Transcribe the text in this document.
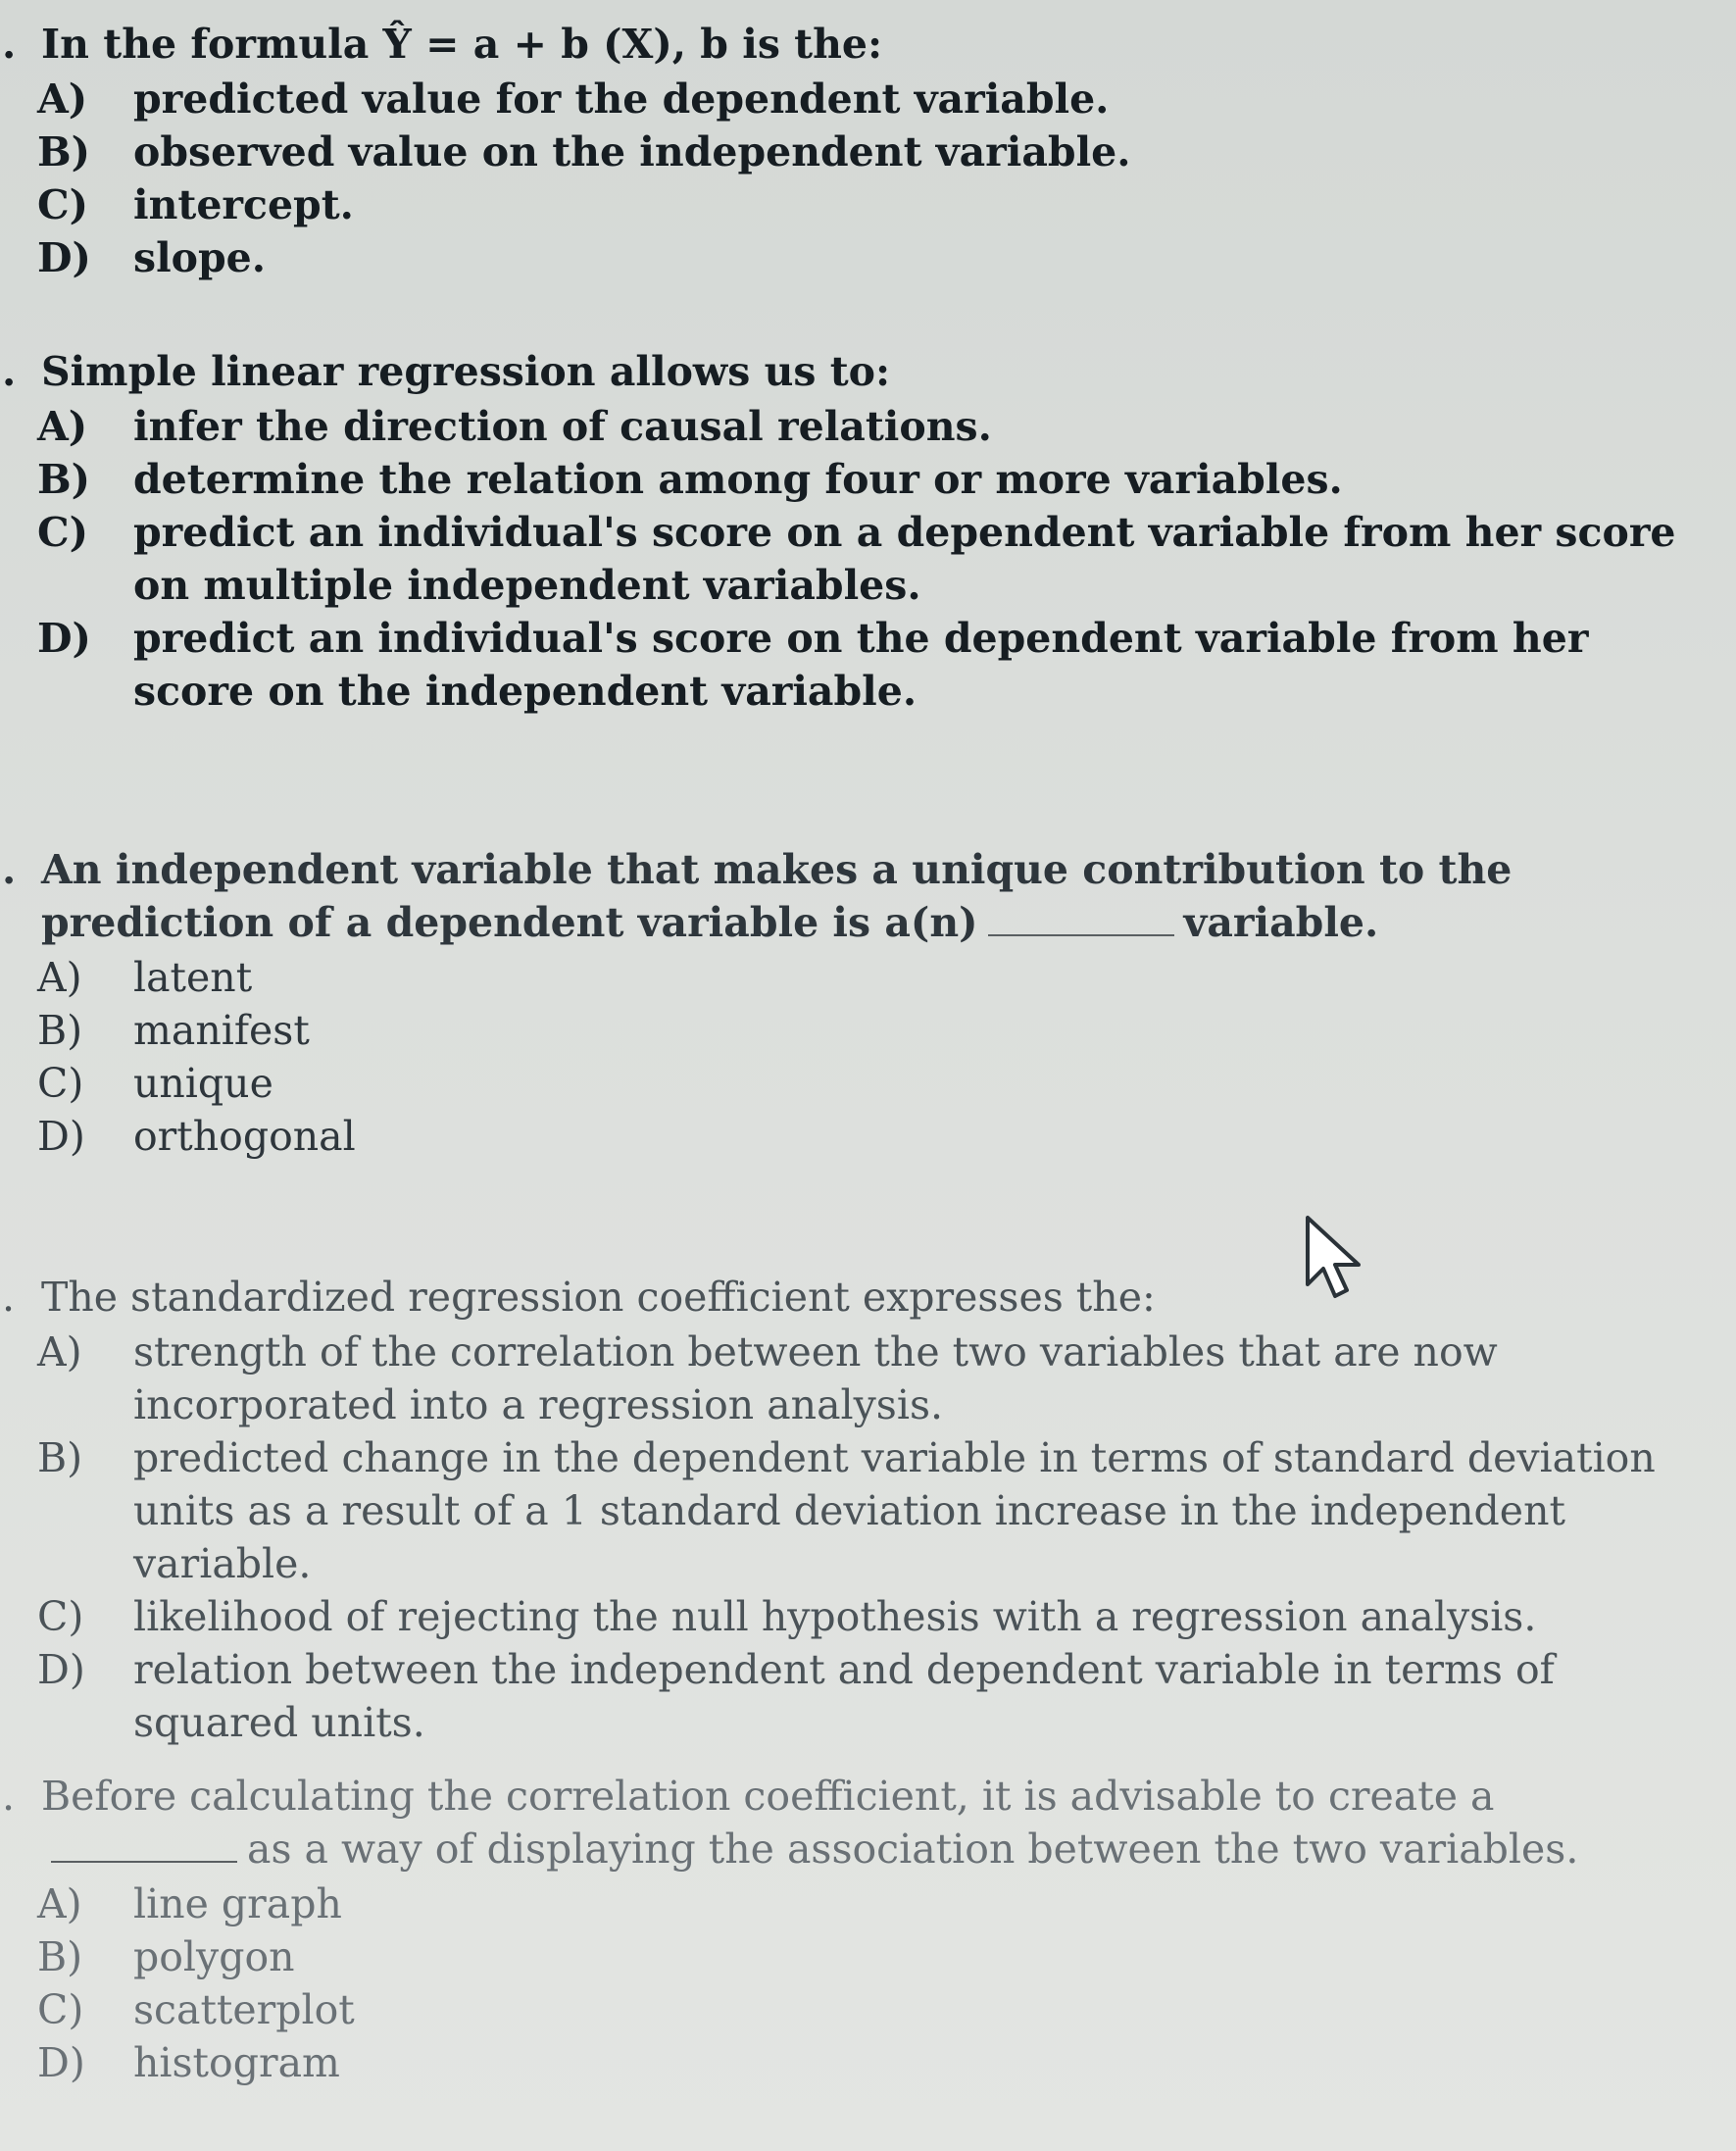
. In the formula Ŷ = a + b (X), b is the:

A) predicted value for the dependent variable.
B) observed value on the independent variable.
C) intercept.
D) slope.

. Simple linear regression allows us to:

A) infer the direction of causal relations.
B) determine the relation among four or more variables.
C) predict an individual's score on a dependent variable from her score on multiple independent variables.
D) predict an individual's score on the dependent variable from her score on the independent variable.

. An independent variable that makes a unique contribution to the prediction of a dependent variable is a(n)	variable.

A) latent
B) manifest
C) unique
D) orthogonal

. The standardized regression coefficient expresses the:

A) strength of the correlation between the two variables that are now incorporated into a regression analysis.
B) predicted change in the dependent variable in terms of standard deviation units as a result of a 1 standard deviation increase in the independent variable.
C) likelihood of rejecting the null hypothesis with a regression analysis.
D) relation between the independent and dependent variable in terms of squared units.

. Before calculating the correlation coefficient, it is advisable to create aas a way of displaying the association between the two variables.

A) line graph
B) polygon
C) scatterplot
D) histogram
